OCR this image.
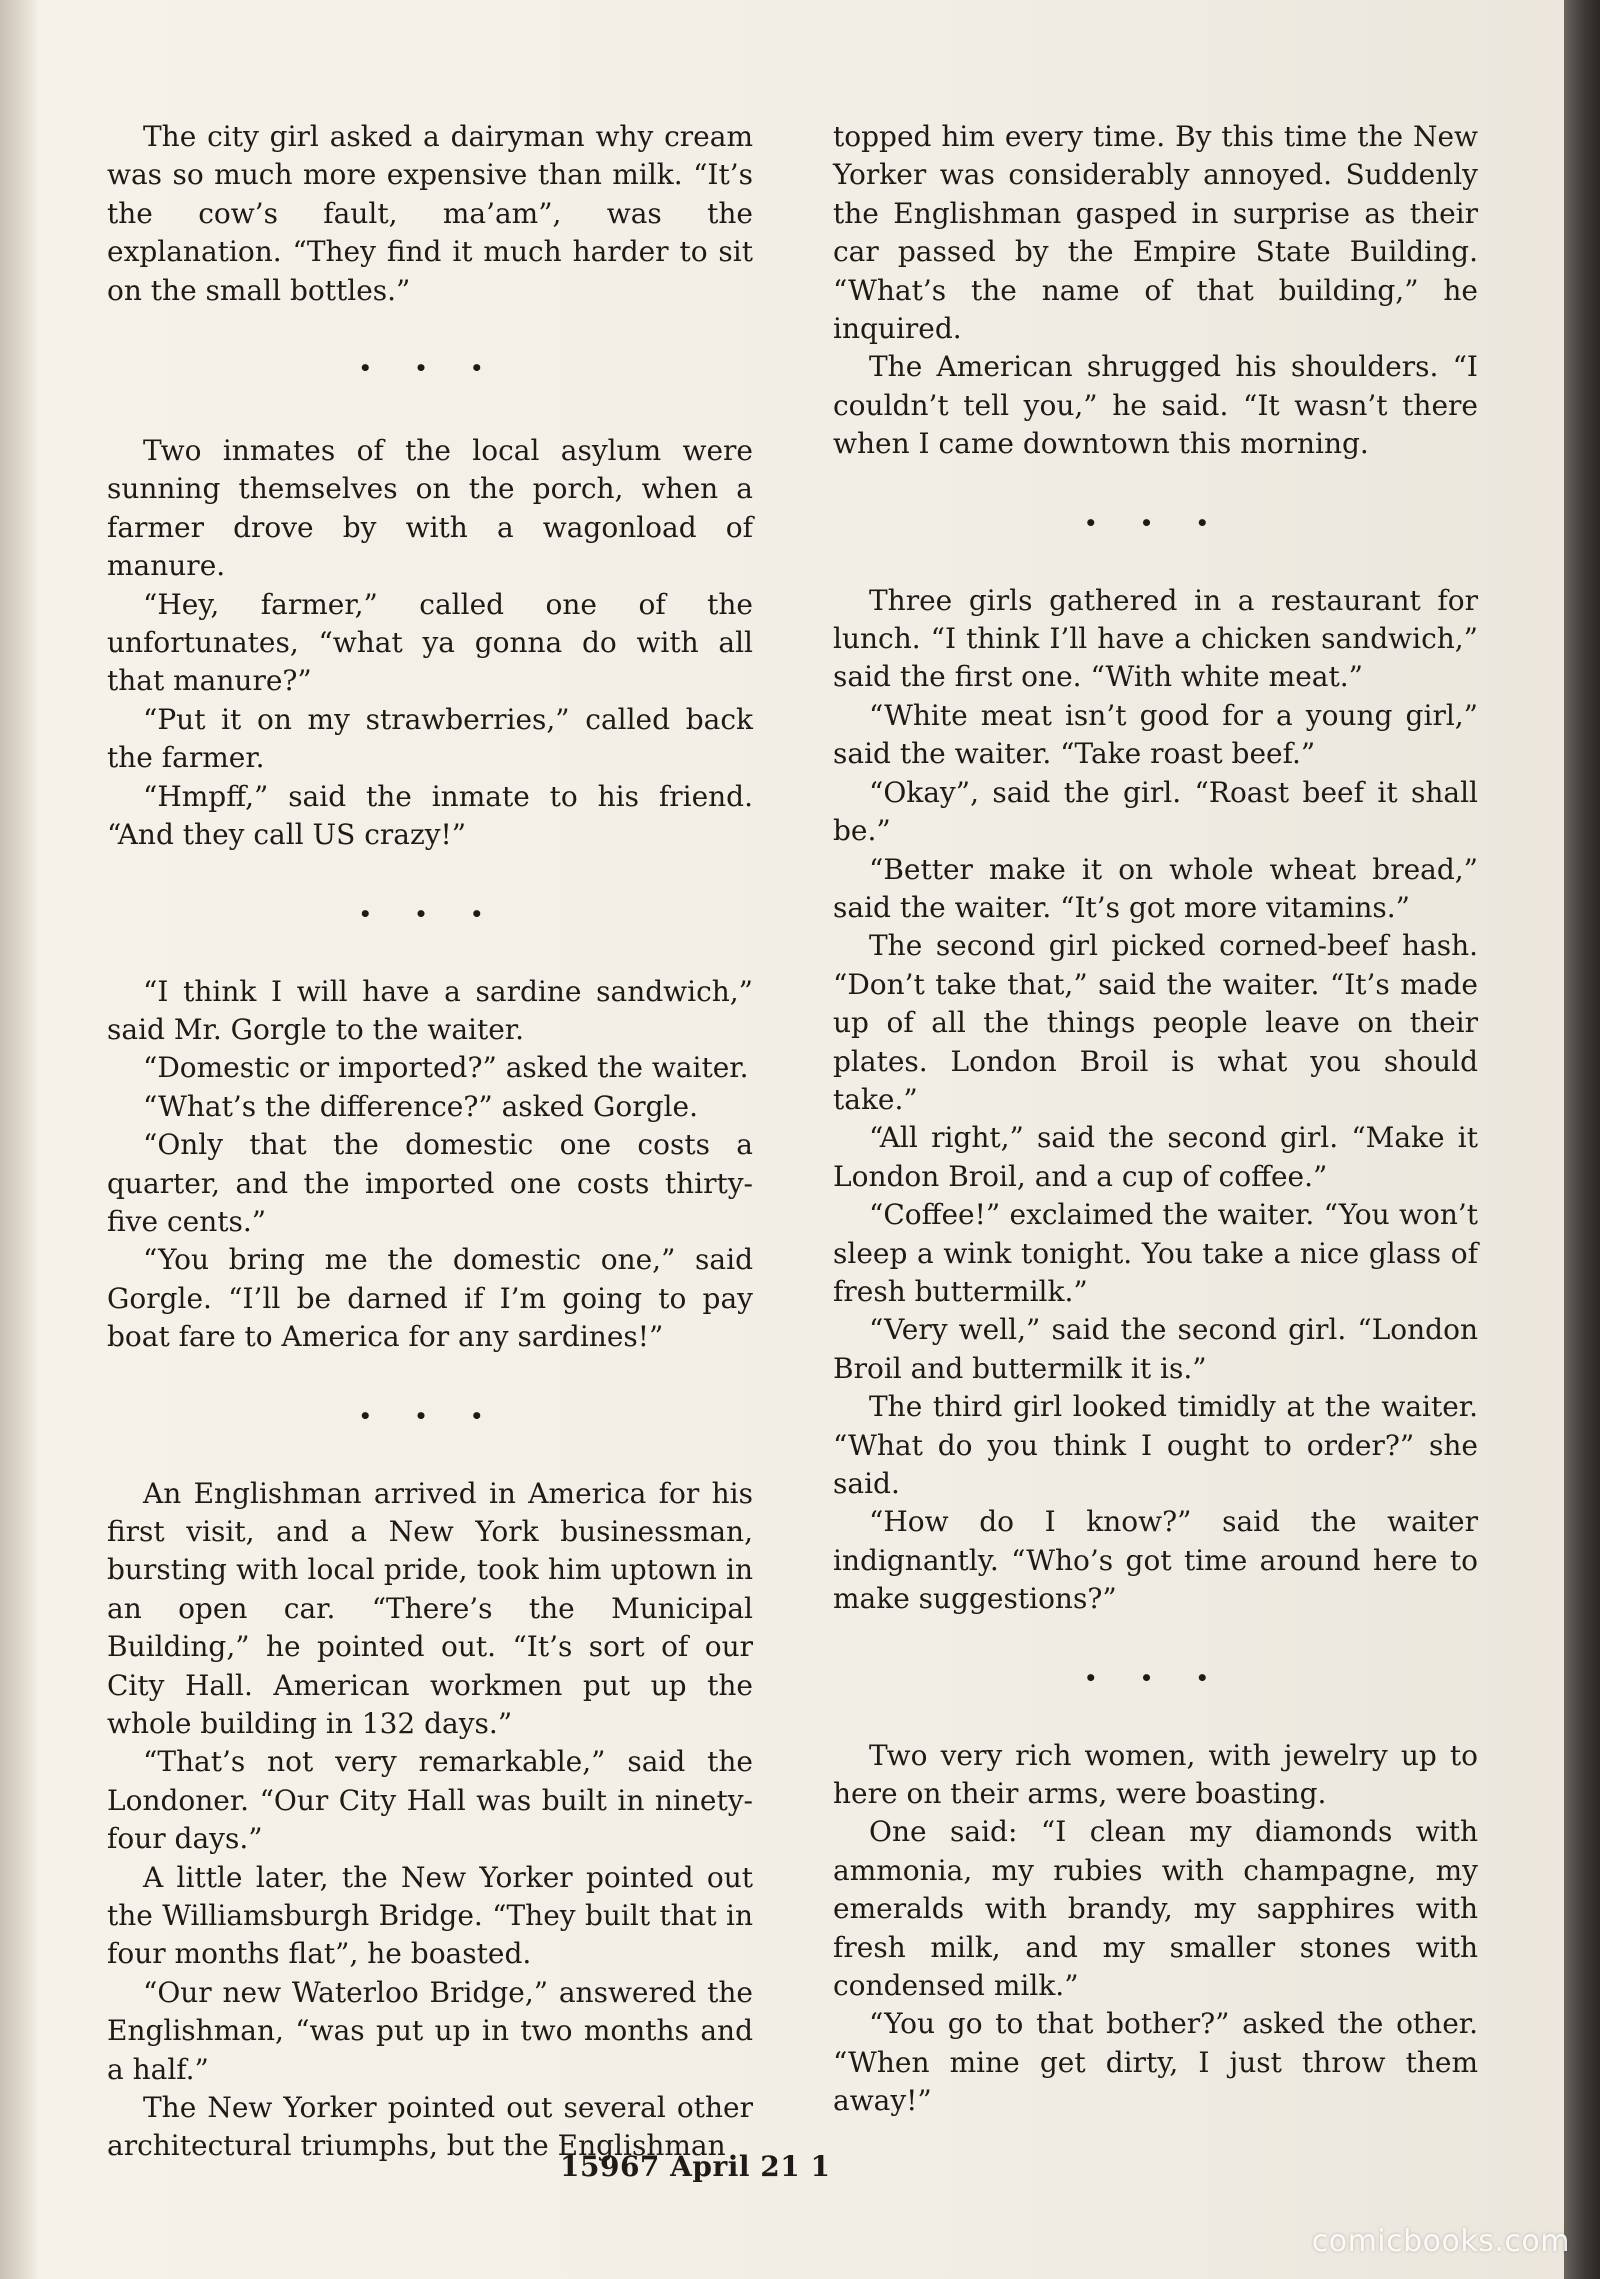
The city girl asked a dairyman why cream was so much more expensive than milk. “It’s the cow’s fault, ma’am”, was the explanation. “They find it much harder to sit on the small bottles.”

• • •

Two inmates of the local asylum were sunning themselves on the porch, when a farmer drove by with a wagonload of manure.

“Hey, farmer,” called one of the unfortunates, “what ya gonna do with all that manure?”

“Put it on my strawberries,” called back the farmer.

“Hmpff,” said the inmate to his friend. “And they call US crazy!”

• • •

“I think I will have a sardine sandwich,” said Mr. Gorgle to the waiter.

“Domestic or imported?” asked the waiter.

“What’s the difference?” asked Gorgle.

“Only that the domestic one costs a quarter, and the imported one costs thirty-five cents.”

“You bring me the domestic one,” said Gorgle. “I’ll be darned if I’m going to pay boat fare to America for any sardines!”

• • •

An Englishman arrived in America for his first visit, and a New York businessman, bursting with local pride, took him uptown in an open car. “There’s the Municipal Building,” he pointed out. “It’s sort of our City Hall. American workmen put up the whole building in 132 days.”

“That’s not very remarkable,” said the Londoner. “Our City Hall was built in ninety-four days.”

A little later, the New Yorker pointed out the Williamsburgh Bridge. “They built that in four months flat”, he boasted.

“Our new Waterloo Bridge,” answered the Englishman, “was put up in two months and a half.”

The New Yorker pointed out several other architectural triumphs, but the Englishman

topped him every time. By this time the New Yorker was considerably annoyed. Suddenly the Englishman gasped in surprise as their car passed by the Empire State Building. “What’s the name of that building,” he inquired.

The American shrugged his shoulders. “I couldn’t tell you,” he said. “It wasn’t there when I came downtown this morning.

• • •

Three girls gathered in a restaurant for lunch. “I think I’ll have a chicken sandwich,” said the first one. “With white meat.”

“White meat isn’t good for a young girl,” said the waiter. “Take roast beef.”

“Okay”, said the girl. “Roast beef it shall be.”

“Better make it on whole wheat bread,” said the waiter. “It’s got more vitamins.”

The second girl picked corned-beef hash. “Don’t take that,” said the waiter. “It’s made up of all the things people leave on their plates. London Broil is what you should take.”

“All right,” said the second girl. “Make it London Broil, and a cup of coffee.”

“Coffee!” exclaimed the waiter. “You won’t sleep a wink tonight. You take a nice glass of fresh buttermilk.”

“Very well,” said the second girl. “London Broil and buttermilk it is.”

The third girl looked timidly at the waiter. “What do you think I ought to order?” she said.

“How do I know?” said the waiter indignantly. “Who’s got time around here to make suggestions?”

• • •

Two very rich women, with jewelry up to here on their arms, were boasting.

One said: “I clean my diamonds with ammonia, my rubies with champagne, my emeralds with brandy, my sapphires with fresh milk, and my smaller stones with condensed milk.”

“You go to that bother?” asked the other. “When mine get dirty, I just throw them away!”

15967 April 21 1
comicbooks.com
